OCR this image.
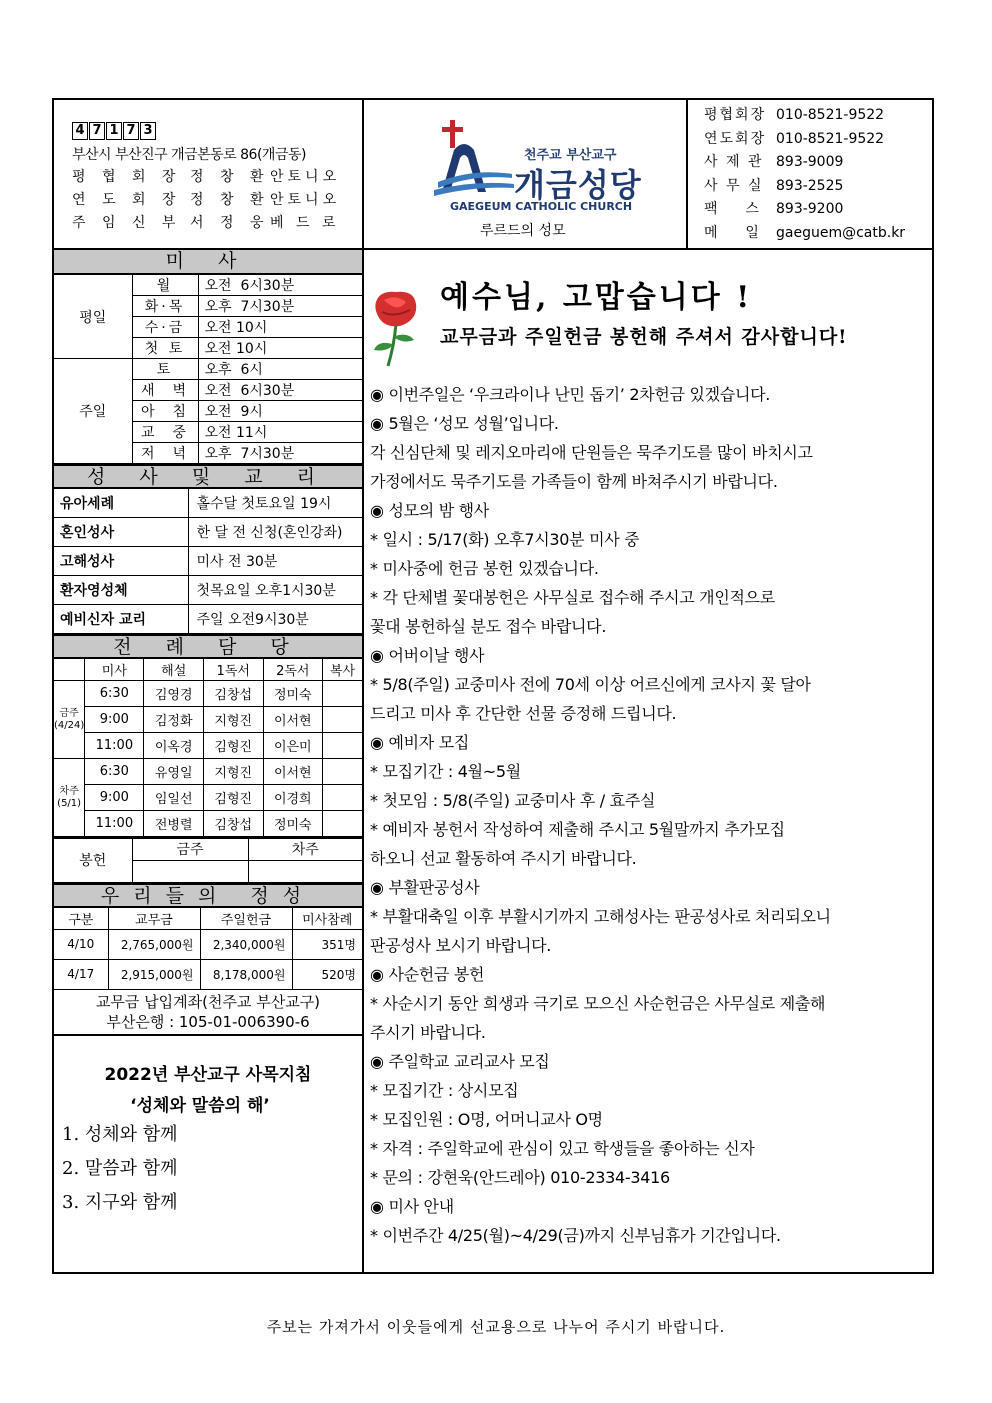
4 7 1 7 3
부산시 부산진구 개금본동로 86(개금동)
평 협 회 장 정 창 환 안토니오
연 도 회 장 정 창 환 안토니오
주 임 신 부 서 정 웅 베 드 로
천주교 부산교구
개금성당
GAEGEUM CATHOLIC CHURCH
루르드의 성모
평협회장 010-8521-9522
연도회장 010-8521-9522
사 제 관 893-9009
사 무 실 893-2525
팩    스	893-9200
메    일	gaeguem@catb.kr
미 사
평일	월	오전  6시30분
	화·목	오후  7시30분
	수·금	오전 10시
	첫 토	오전 10시
주일	토	오후  6시
	새  벽	오전  6시30분
	아  침	오전  9시
	교  중	오전 11시
	저  녁	오후  7시30분
성 사 및 교 리
유아세례	홀수달 첫토요일 19시
혼인성사	한 달 전 신청(혼인강좌)
고해성사	미사 전 30분
환자영성체	첫목요일 오후1시30분
예비신자 교리	주일 오전9시30분
전 례 담 당
	미사	해설	1독서	2독서	복사
금주(4/24)	6:30	김영경	김창섭	정미숙	
	9:00	김정화	지형진	이서현	
	11:00	이옥경	김형진	이은미	
차주(5/1)	6:30	유영일	지형진	이서현	
	9:00	임일선	김형진	이경희	
	11:00	전병렬	김창섭	정미숙	
봉헌	금주	차주

우리들의 정성
구분	교무금	주일헌금	미사참례
4/10	2,765,000원	2,340,000원	351명
4/17	2,915,000원	8,178,000원	520명
교무금 납입계좌(천주교 부산교구)
부산은행 : 105-01-006390-6
2022년 부산교구 사목지침
‘성체와 말씀의 해’
1. 성체와 함께
2. 말씀과 함께
3. 지구와 함께
예수님, 고맙습니다 !
교무금과 주일헌금 봉헌해 주셔서 감사합니다!
◉ 이번주일은 ‘우크라이나 난민 돕기’ 2차헌금 있겠습니다.
◉ 5월은 ‘성모 성월’입니다.
각 신심단체 및 레지오마리애 단원들은 묵주기도를 많이 바치시고
가정에서도 묵주기도를 가족들이 함께 바쳐주시기 바랍니다.
◉ 성모의 밤 행사
* 일시 : 5/17(화) 오후7시30분 미사 중
* 미사중에 헌금 봉헌 있겠습니다.
* 각 단체별 꽃대봉헌은 사무실로 접수해 주시고 개인적으로
꽃대 봉헌하실 분도 접수 바랍니다.
◉ 어버이날 행사
* 5/8(주일) 교중미사 전에 70세 이상 어르신에게 코사지 꽃 달아
드리고 미사 후 간단한 선물 증정해 드립니다.
◉ 예비자 모집
* 모집기간 : 4월~5월
* 첫모임 : 5/8(주일) 교중미사 후 / 효주실
* 예비자 봉헌서 작성하여 제출해 주시고 5월말까지 추가모집
하오니 선교 활동하여 주시기 바랍니다.
◉ 부활판공성사
* 부활대축일 이후 부활시기까지 고해성사는 판공성사로 처리되오니
판공성사 보시기 바랍니다.
◉ 사순헌금 봉헌
* 사순시기 동안 희생과 극기로 모으신 사순헌금은 사무실로 제출해
주시기 바랍니다.
◉ 주일학교 교리교사 모집
* 모집기간 : 상시모집
* 모집인원 : O명, 어머니교사 O명
* 자격 : 주일학교에 관심이 있고 학생들을 좋아하는 신자
* 문의 : 강현욱(안드레아) 010-2334-3416
◉ 미사 안내
* 이번주간 4/25(월)~4/29(금)까지 신부님휴가 기간입니다.
주보는 가져가서 이웃들에게 선교용으로 나누어 주시기 바랍니다.
